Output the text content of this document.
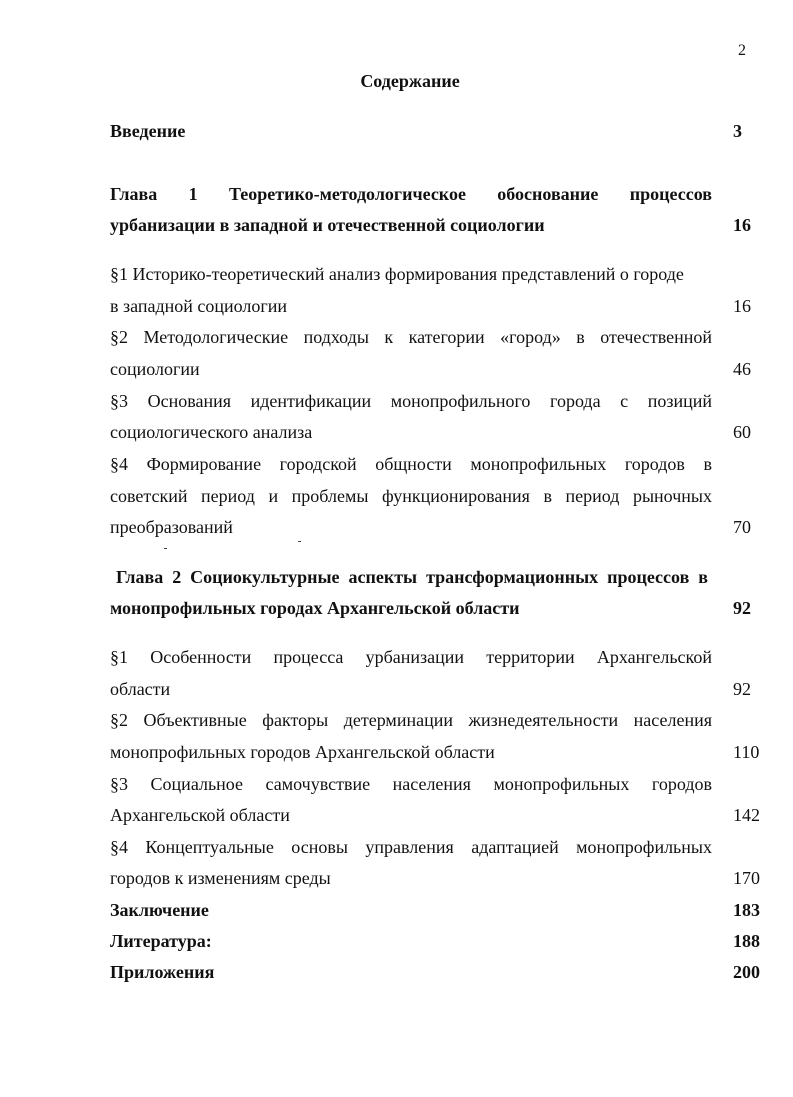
2
Содержание
Введение	3
Глава 1 Теоретико-методологическое обоснование процессов
урбанизации в западной и отечественной социологии	16
§1 Историко-теоретический анализ формирования представлений о городе
в западной социологии	16
§2 Методологические подходы к категории «город» в отечественной
социологии	46
§3 Основания идентификации монопрофильного города с позиций
социологического анализа	60
§4 Формирование городской общности монопрофильных городов в
советский период и проблемы функционирования в период рыночных
преобразований	70
Глава 2 Социокультурные аспекты трансформационных процессов в
монопрофильных городах Архангельской области	92
§1 Особенности процесса урбанизации территории Архангельской
области	92
§2 Объективные факторы детерминации жизнедеятельности населения
монопрофильных городов Архангельской области	110
§3 Социальное самочувствие населения монопрофильных городов
Архангельской области	142
§4 Концептуальные основы управления адаптацией монопрофильных
городов к изменениям среды	170
Заключение	183
Литература:	188
Приложения	200
